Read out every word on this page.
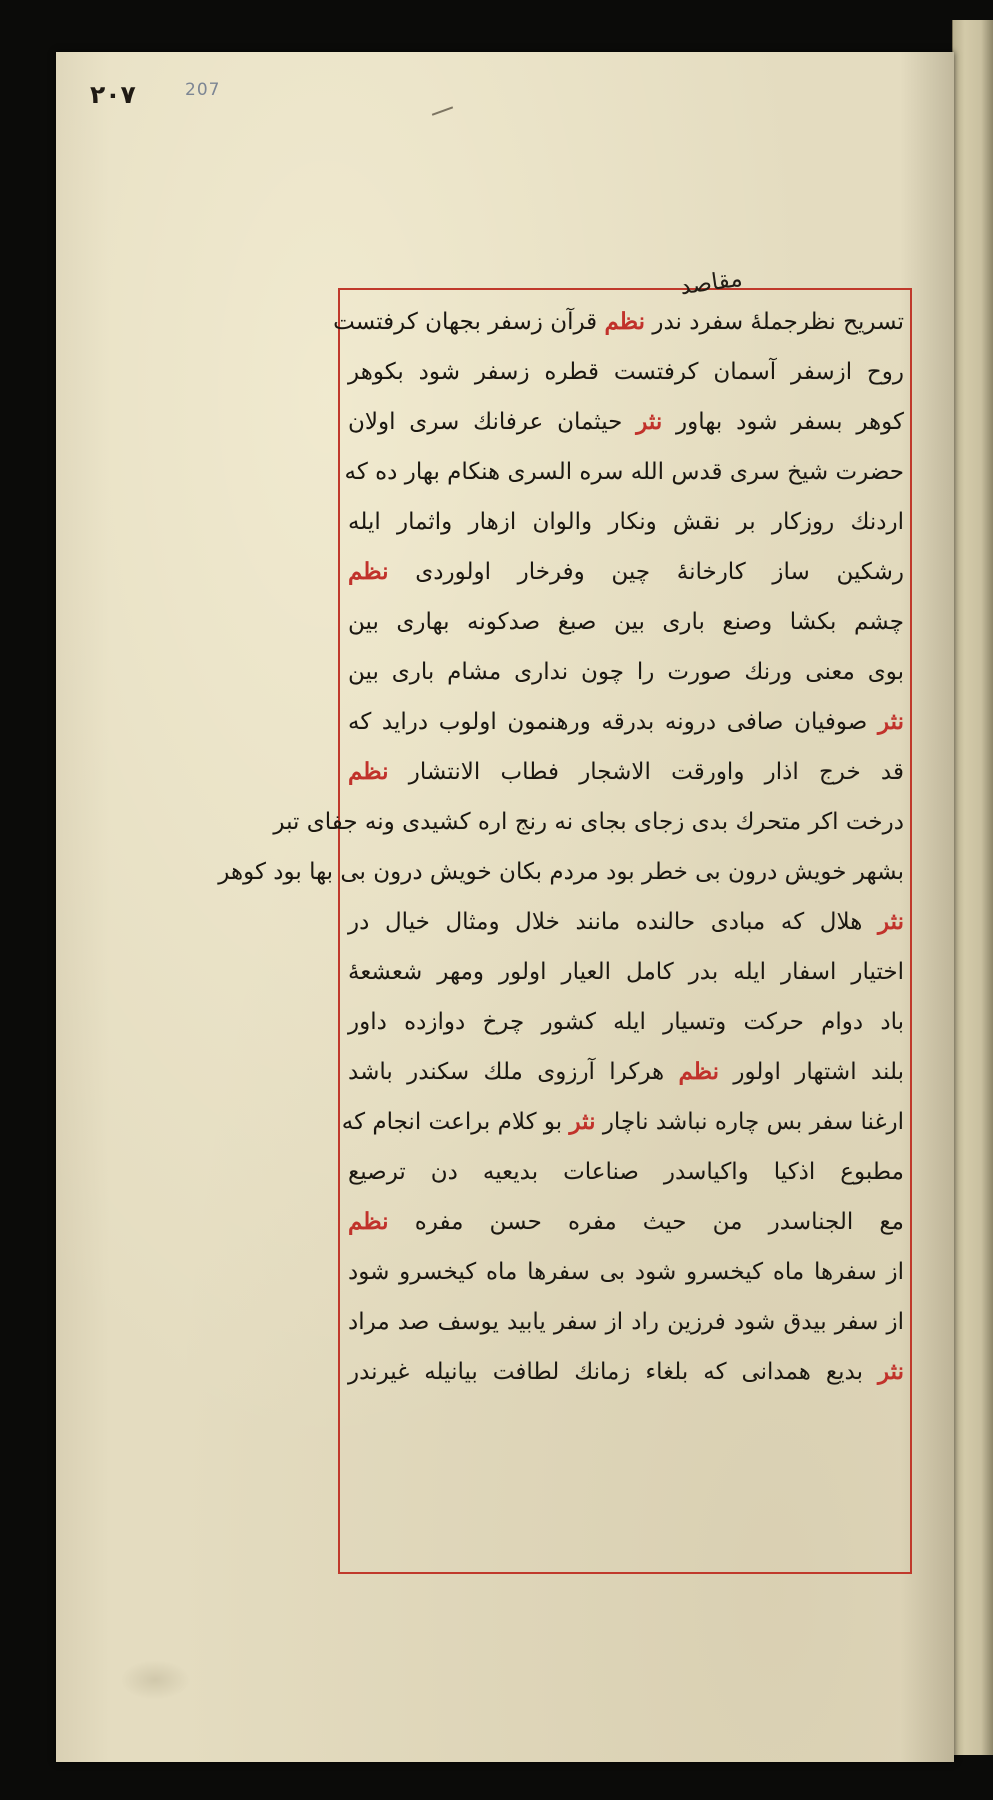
۲۰۷	207
مقاصد
تسریح نظرجملهٔ سفرد ندر نظم قرآن زسفر بجهان کرفتست
روح ازسفر آسمان کرفتست قطره زسفر شود بکوهر
کوهر بسفر شود بهاور نثر حیثمان عرفانك سری اولان
حضرت شیخ سری قدس الله سره السری هنکام بهار ده که
اردنك روزکار بر نقش ونکار والوان ازهار واثمار ایله
رشکین ساز کارخانهٔ چین وفرخار اولوردی نظم
چشم بکشا وصنع باری بین صبغ صدکونه بهاری بین
بوی معنی ورنك صورت را چون نداری مشام باری بین
نثر صوفیان صافی درونه بدرقه ورهنمون اولوب دراید که
قد خرج اذار واورقت الاشجار فطاب الانتشار نظم
درخت اکر متحرك بدی زجای بجای نه رنج اره کشیدی ونه جفای تبر
بشهر خویش درون بی خطر بود مردم بکان خویش درون بی بها بود کوهر
نثر هلال که مبادی حالنده مانند خلال ومثال خیال در
اختیار اسفار ایله بدر کامل العیار اولور ومهر شعشعهٔ
باد دوام حرکت وتسیار ایله کشور چرخ دوازده داور
بلند اشتهار اولور نظم هرکرا آرزوی ملك سکندر باشد
ارغنا سفر بس چاره نباشد ناچار نثر بو کلام براعت انجام که
مطبوع اذکیا واکیاسدر صناعات بدیعیه دن ترصیع
مع الجناسدر من حیث مفره حسن مفره نظم
از سفرها ماه کیخسرو شود بی سفرها ماه کیخسرو شود
از سفر بیدق شود فرزین راد از سفر یابید یوسف صد مراد
نثر بدیع همدانی که بلغاء زمانك لطافت بیانیله غیرندر
